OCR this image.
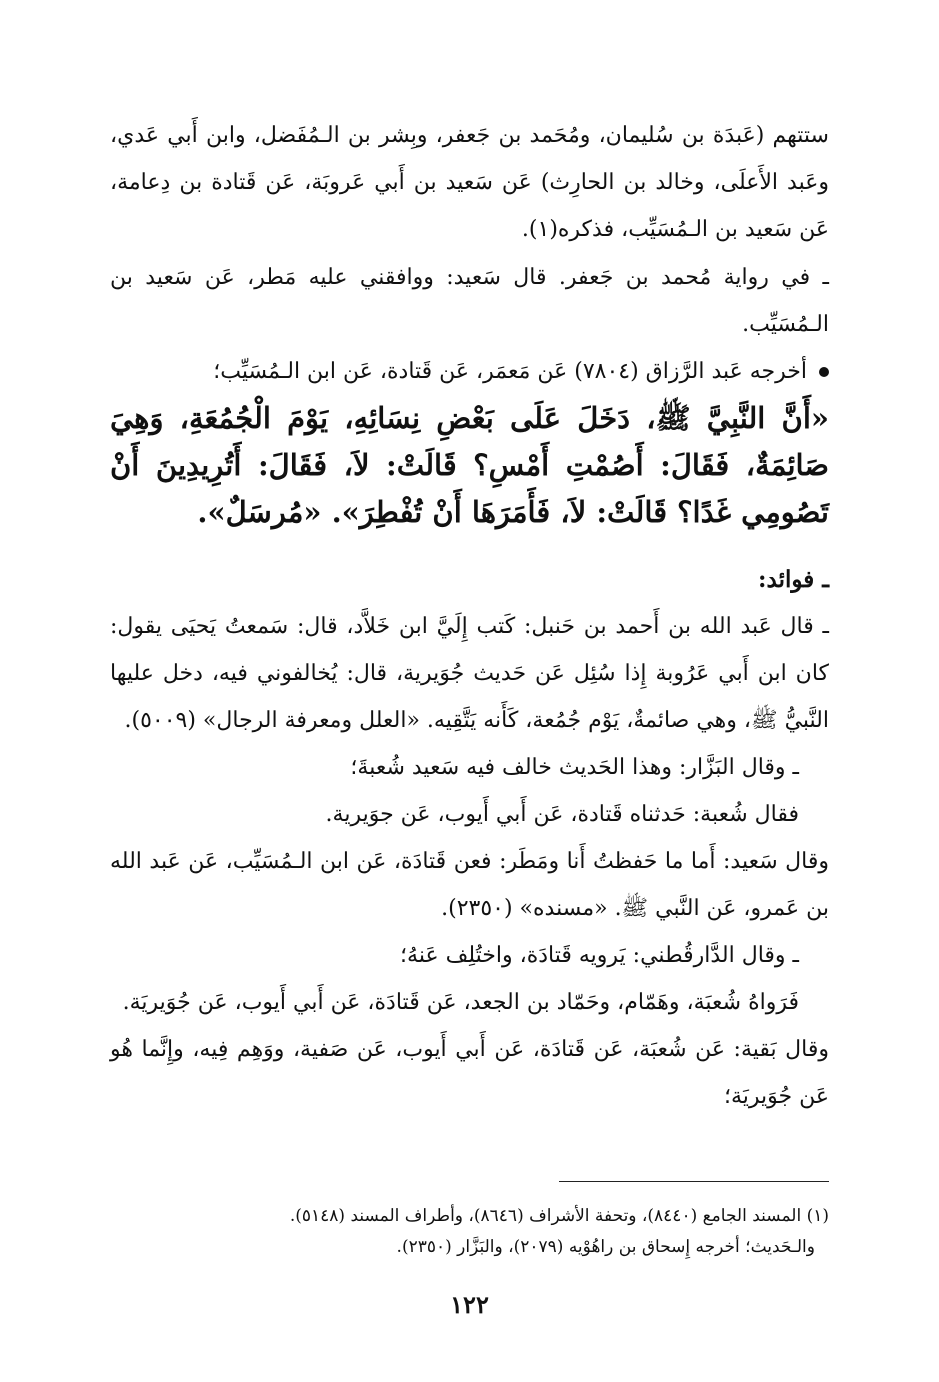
ستتهم (عَبدَة بن سُليمان، ومُحَمد بن جَعفر، وبِشر بن الـمُفَضل، وابن أَبي عَدي، وعَبد الأَعلَى، وخالد بن الحارِث) عَن سَعيد بن أَبي عَروبَة، عَن قَتادة بن دِعامة، عَن سَعيد بن الـمُسَيِّب، فذكره(١).

ـ في رواية مُحمد بن جَعفر. قال سَعيد: ووافقني عليه مَطر، عَن سَعيد بن الـمُسَيِّب.

أخرجه عَبد الرَّزاق (٧٨٠٤) عَن مَعمَر، عَن قَتادة، عَن ابن الـمُسَيِّب؛

«أَنَّ النَّبِيَّ ﷺ، دَخَلَ عَلَى بَعْضِ نِسَائِهِ، يَوْمَ الْجُمُعَةِ، وَهِيَ صَائِمَةٌ، فَقَالَ: أَصُمْتِ أَمْسِ؟ قَالَتْ: لاَ، فَقَالَ: أَتُرِيدِينَ أَنْ تَصُومِي غَدًا؟ قَالَتْ: لاَ، فَأَمَرَهَا أَنْ تُفْطِرَ». «مُرسَلٌ».

ـ فوائد:

ـ قال عَبد الله بن أَحمد بن حَنبل: كَتب إِلَيَّ ابن خَلاَّد، قال: سَمعتُ يَحيَى يقول: كان ابن أَبي عَرُوبة إِذا سُئِل عَن حَديث جُوَيرية، قال: يُخالفوني فيه، دخل عليها النَّبيُّ ﷺ، وهي صائمةٌ، يَوْم جُمُعة، كَأَنه يَتَّقِيه. «العلل ومعرفة الرجال» (٥٠٠٩).

ـ وقال البَزَّار: وهذا الحَديث خالف فيه سَعيد شُعبةَ؛

فقال شُعبة: حَدثناه قَتادة، عَن أَبي أَيوب، عَن جوَيرية.

وقال سَعيد: أَما ما حَفظتُ أَنا ومَطَر: فعن قَتادَة، عَن ابن الـمُسَيِّب، عَن عَبد الله بن عَمرو، عَن النَّبي ﷺ. «مسنده» (٢٣٥٠).

ـ وقال الدَّارقُطني: يَرويه قَتادَة، واختُلِف عَنهُ؛

فَرَواهُ شُعبَة، وهَمّام، وحَمّاد بن الجعد، عَن قَتادَة، عَن أَبي أَيوب، عَن جُوَيريَة.

وقال بَقية: عَن شُعبَة، عَن قَتادَة، عَن أَبي أَيوب، عَن صَفية، ووَهِم فِيه، وإِنَّما هُو عَن جُوَيريَة؛

(١) المسند الجامع (٨٤٤٠)، وتحفة الأشراف (٨٦٤٦)، وأطراف المسند (٥١٤٨).

والـحَديث؛ أخرجه إِسحاق بن راهُوْيه (٢٠٧٩)، والبَزَّار (٢٣٥٠).

١٢٢
